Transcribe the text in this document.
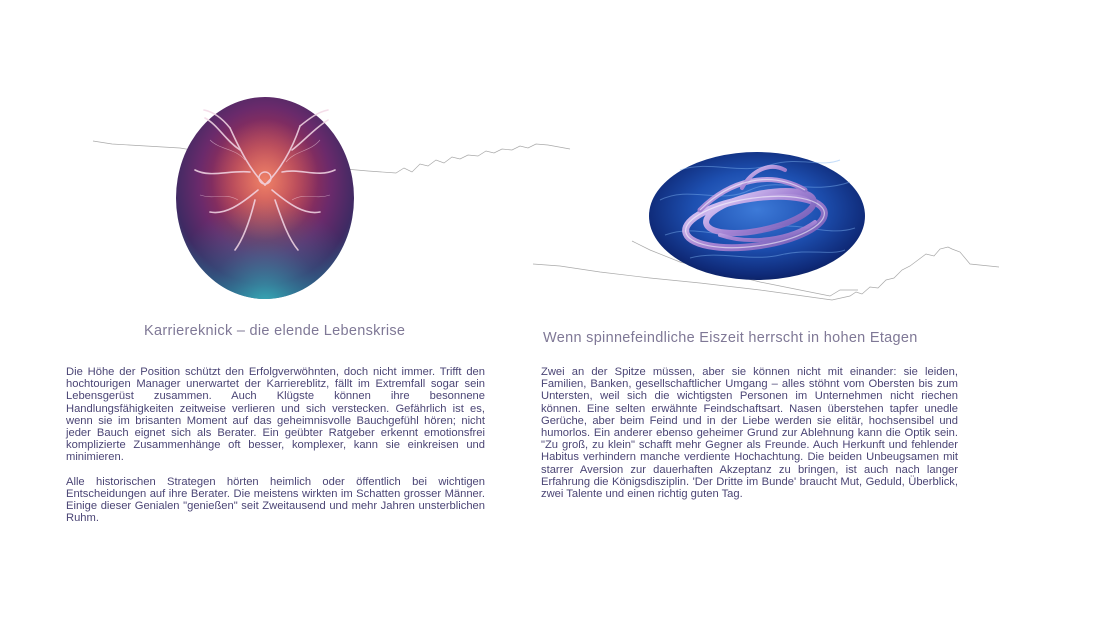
Karriereknick – die elende Lebenskrise

Die Höhe der Position schützt den Erfolgverwöhnten, doch nicht immer. Trifft den hochtourigen Manager unerwartet der Karriereblitz, fällt im Extremfall sogar sein Lebensgerüst zusammen. Auch Klügste können ihre besonnene Handlungsfähigkeiten zeitweise verlieren und sich verstecken. Gefährlich ist es, wenn sie im brisanten Moment auf das geheimnisvolle Bauchgefühl hören; nicht jeder Bauch eignet sich als Berater. Ein geübter Ratgeber erkennt emotionsfrei komplizierte Zusammenhänge oft besser, komplexer, kann sie einkreisen und minimieren.

Alle historischen Strategen hörten heimlich oder öffentlich bei wichtigen Entscheidungen auf ihre Berater. Die meistens wirkten im Schatten grosser Männer. Einige dieser Genialen "genießen" seit Zweitausend und mehr Jahren unsterblichen Ruhm.

Wenn spinnefeindliche Eiszeit herrscht in hohen Etagen

Zwei an der Spitze müssen, aber sie können nicht mit einander: sie leiden, Familien, Banken, gesellschaftlicher Umgang – alles stöhnt vom Obersten bis zum Untersten, weil sich die wichtigsten Personen im Unternehmen nicht riechen können. Eine selten erwähnte Feindschaftsart. Nasen überstehen tapfer unedle Gerüche, aber beim Feind und in der Liebe werden sie elitär, hochsensibel und humorlos. Ein anderer ebenso geheimer Grund zur Ablehnung kann die Optik sein. "Zu groß, zu klein" schafft mehr Gegner als Freunde. Auch Herkunft und fehlender Habitus verhindern manche verdiente Hochachtung. Die beiden Unbeugsamen mit starrer Aversion zur dauerhaften Akzeptanz zu bringen, ist auch nach langer Erfahrung die Königsdisziplin. 'Der Dritte im Bunde' braucht Mut, Geduld, Überblick, zwei Talente und einen richtig guten Tag.
